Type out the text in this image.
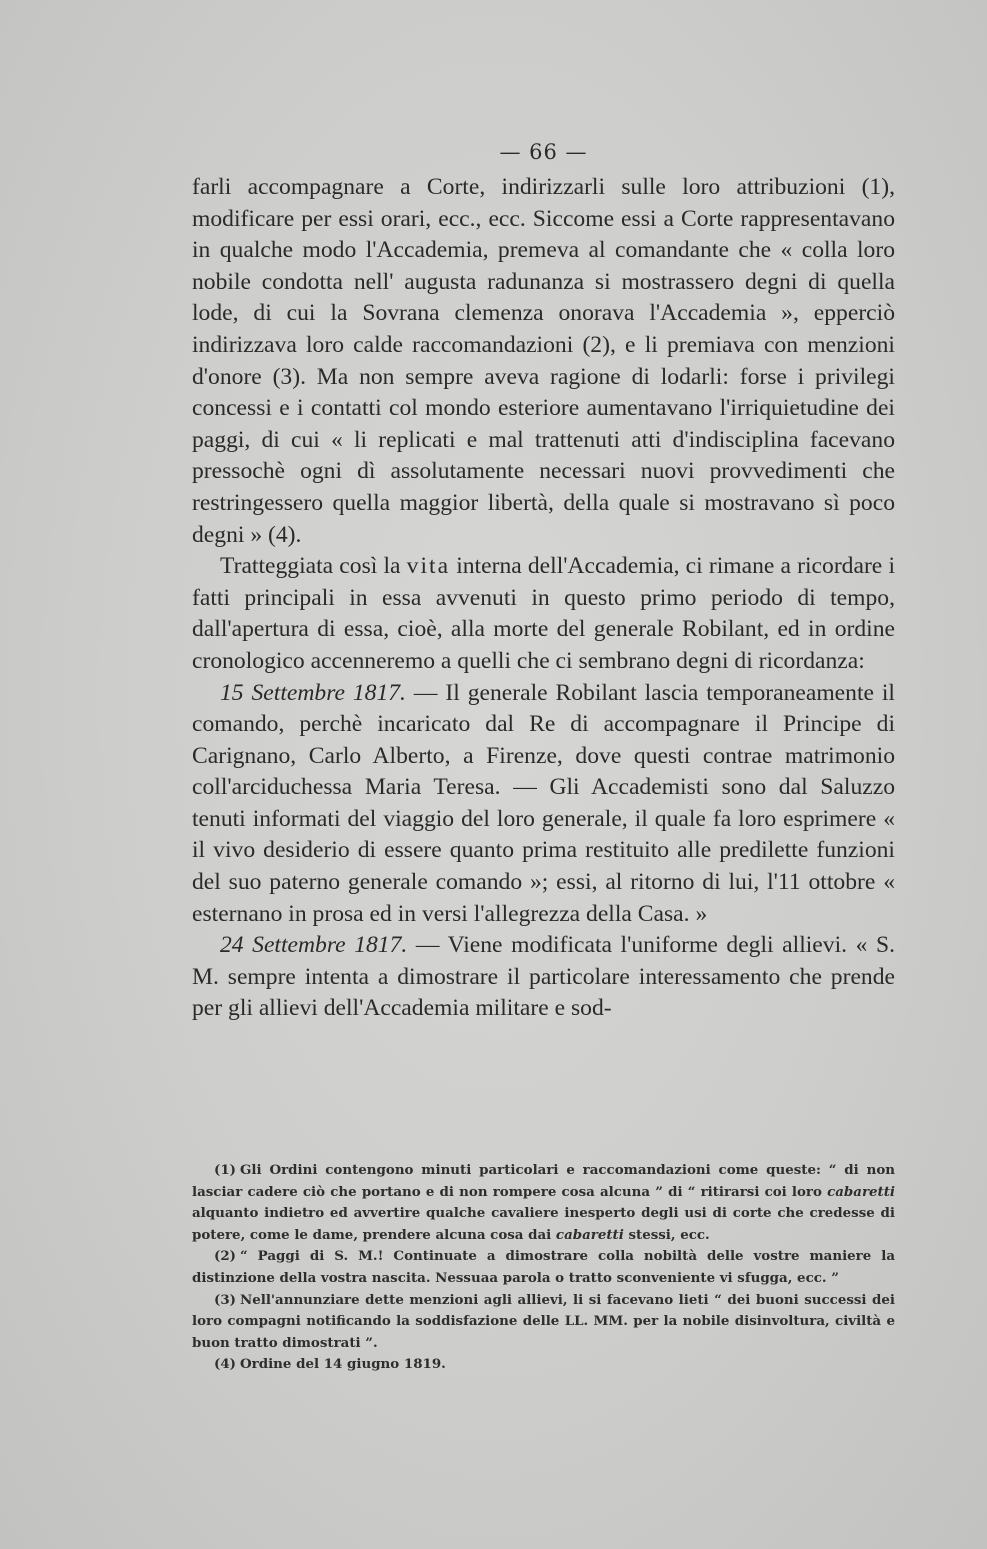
— 66 —

farli accompagnare a Corte, indirizzarli sulle loro attribuzioni (1), modificare per essi orari, ecc., ecc. Siccome essi a Corte rappresentavano in qualche modo l'Accademia, premeva al comandante che « colla loro nobile condotta nell' augusta radunanza si mostrassero degni di quella lode, di cui la Sovrana clemenza onorava l'Accademia », epperciò indirizzava loro calde raccomandazioni (2), e li premiava con menzioni d'onore (3). Ma non sempre aveva ragione di lodarli: forse i privilegi concessi e i contatti col mondo esteriore aumentavano l'irriquietudine dei paggi, di cui « li replicati e mal trattenuti atti d'indisciplina facevano pressochè ogni dì assolutamente necessari nuovi provvedimenti che restringessero quella maggior libertà, della quale si mostravano sì poco degni » (4).

Tratteggiata così la vita interna dell'Accademia, ci rimane a ricordare i fatti principali in essa avvenuti in questo primo periodo di tempo, dall'apertura di essa, cioè, alla morte del generale Robilant, ed in ordine cronologico accenneremo a quelli che ci sembrano degni di ricordanza:

15 Settembre 1817. — Il generale Robilant lascia temporaneamente il comando, perchè incaricato dal Re di accompagnare il Principe di Carignano, Carlo Alberto, a Firenze, dove questi contrae matrimonio coll'arciduchessa Maria Teresa. — Gli Accademisti sono dal Saluzzo tenuti informati del viaggio del loro generale, il quale fa loro esprimere « il vivo desiderio di essere quanto prima restituito alle predilette funzioni del suo paterno generale comando »; essi, al ritorno di lui, l'11 ottobre « esternano in prosa ed in versi l'allegrezza della Casa. »

24 Settembre 1817. — Viene modificata l'uniforme degli allievi. « S. M. sempre intenta a dimostrare il particolare interessamento che prende per gli allievi dell'Accademia militare e sod-

(1) Gli Ordini contengono minuti particolari e raccomandazioni come queste: “ di non lasciar cadere ciò che portano e di non rompere cosa alcuna ” di “ ritirarsi coi loro cabaretti alquanto indietro ed avvertire qualche cavaliere inesperto degli usi di corte che credesse di potere, come le dame, prendere alcuna cosa dai cabaretti stessi, ecc.

(2) “ Paggi di S. M.! Continuate a dimostrare colla nobiltà delle vostre maniere la distinzione della vostra nascita. Nessuaa parola o tratto sconveniente vi sfugga, ecc. ”

(3) Nell'annunziare dette menzioni agli allievi, li si facevano lieti “ dei buoni successi dei loro compagni notificando la soddisfazione delle LL. MM. per la nobile disinvoltura, civiltà e buon tratto dimostrati ”.

(4) Ordine del 14 giugno 1819.
